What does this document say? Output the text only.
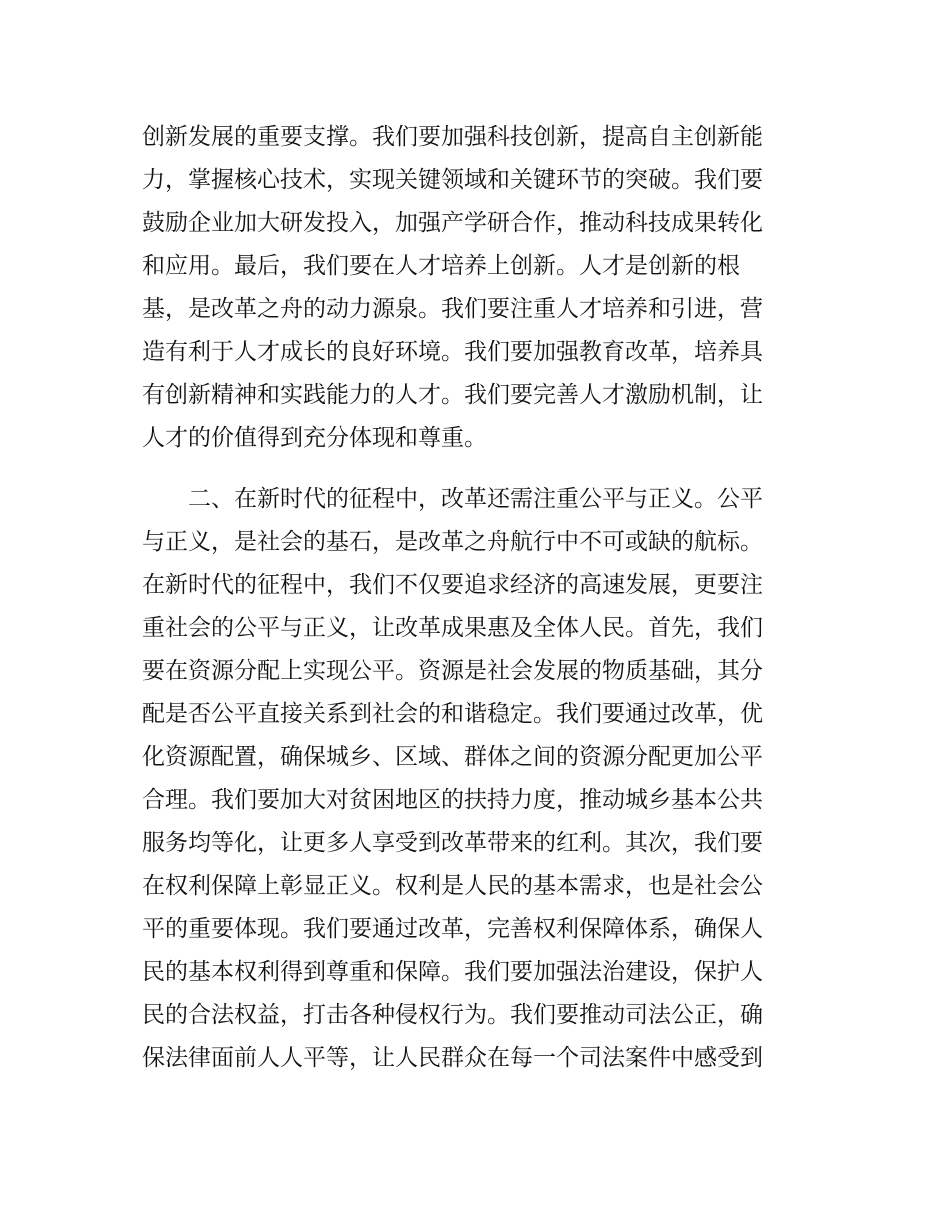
创新发展的重要支撑。我们要加强科技创新，提高自主创新能
力，掌握核心技术，实现关键领域和关键环节的突破。我们要
鼓励企业加大研发投入，加强产学研合作，推动科技成果转化
和应用。最后，我们要在人才培养上创新。人才是创新的根
基，是改革之舟的动力源泉。我们要注重人才培养和引进，营
造有利于人才成长的良好环境。我们要加强教育改革，培养具
有创新精神和实践能力的人才。我们要完善人才激励机制，让
人才的价值得到充分体现和尊重。
二、在新时代的征程中，改革还需注重公平与正义。公平
与正义，是社会的基石，是改革之舟航行中不可或缺的航标。
在新时代的征程中，我们不仅要追求经济的高速发展，更要注
重社会的公平与正义，让改革成果惠及全体人民。首先，我们
要在资源分配上实现公平。资源是社会发展的物质基础，其分
配是否公平直接关系到社会的和谐稳定。我们要通过改革，优
化资源配置，确保城乡、区域、群体之间的资源分配更加公平
合理。我们要加大对贫困地区的扶持力度，推动城乡基本公共
服务均等化，让更多人享受到改革带来的红利。其次，我们要
在权利保障上彰显正义。权利是人民的基本需求，也是社会公
平的重要体现。我们要通过改革，完善权利保障体系，确保人
民的基本权利得到尊重和保障。我们要加强法治建设，保护人
民的合法权益，打击各种侵权行为。我们要推动司法公正，确
保法律面前人人平等，让人民群众在每一个司法案件中感受到
